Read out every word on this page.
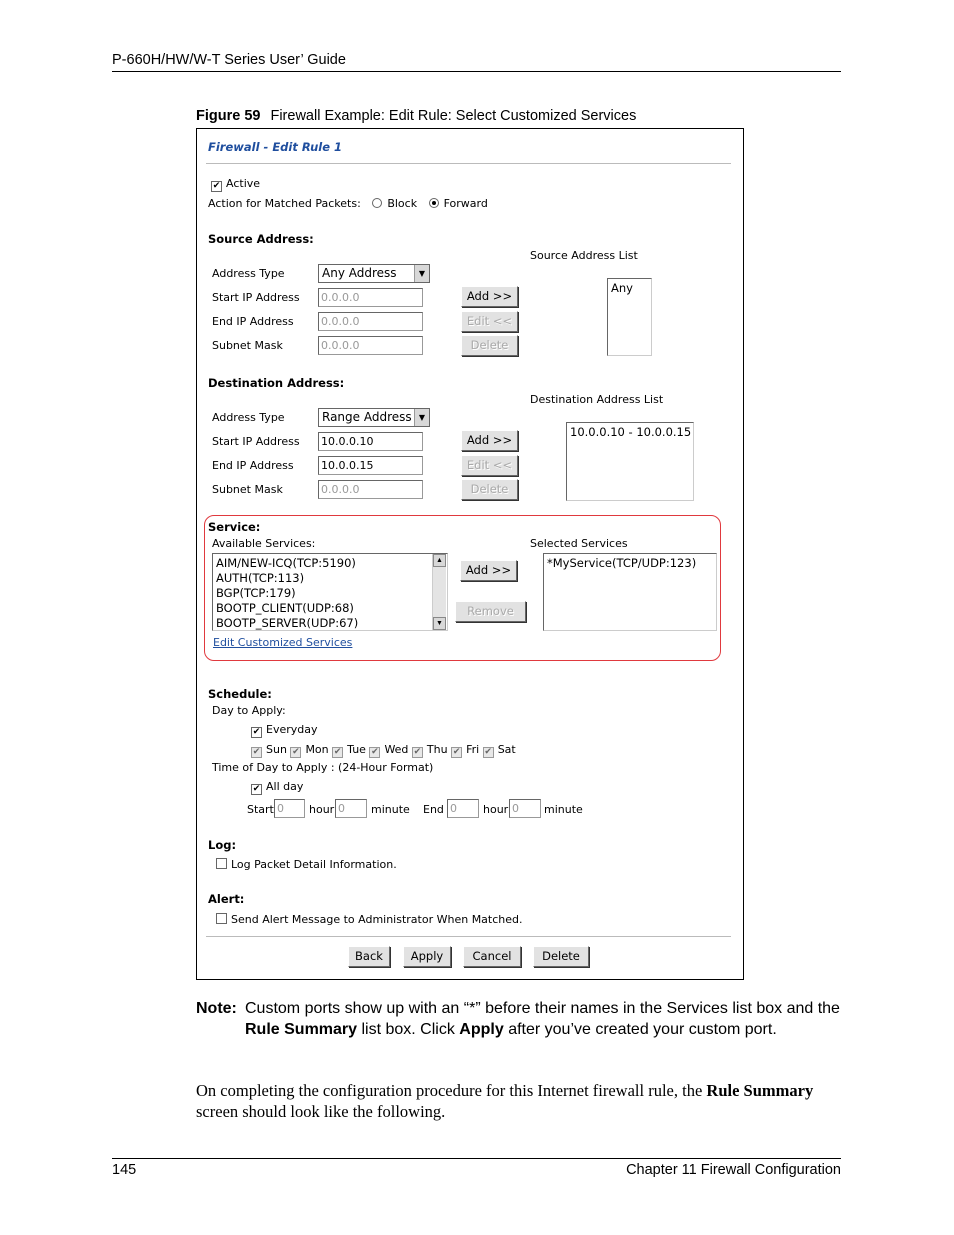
P-660H/HW/W-T Series User’ Guide
Figure 59 Firewall Example: Edit Rule: Select Customized Services
Firewall - Edit Rule 1
✔ Active
Action for Matched Packets: Block Forward
Source Address:
Source Address List
Address Type	Any Address	▼
Start IP Address 0.0.0.0
End IP Address 0.0.0.0
Subnet Mask	0.0.0.0
Add >>
Edit <<
Delete
Any
Destination Address:
Destination Address List
Address Type	Range Address ▼
Start IP Address 10.0.0.10
End IP Address 10.0.0.15
Subnet Mask	0.0.0.0
Add >>
Edit <<
Delete
10.0.0.10 - 10.0.0.15
Service:
Available Services:	Selected Services
AIM/NEW-ICQ(TCP:5190)
AUTH(TCP:113)
BGP(TCP:179)
BOOTP_CLIENT(UDP:68)
BOOTP_SERVER(UDP:67)
▲
▼
Add >>
Remove
*MyService(TCP/UDP:123)
Edit Customized Services
Schedule:
Day to Apply:
✔ Everyday
✔ Sun ✔ Mon ✔ Tue ✔ Wed ✔ Thu ✔ Fri ✔ Sat
Time of Day to Apply : (24-Hour Format)
✔ All day
Start 0	hour 0	minute End 0	hour 0	minute
Log:
Log Packet Detail Information.
Alert:
Send Alert Message to Administrator When Matched.
Back	Apply	Cancel	Delete
Note: Custom ports show up with an “*” before their names in the Services list box and the Rule Summary list box. Click Apply after you’ve created your custom port.
On completing the configuration procedure for this Internet firewall rule, the Rule Summary screen should look like the following.
145	Chapter 11 Firewall Configuration
